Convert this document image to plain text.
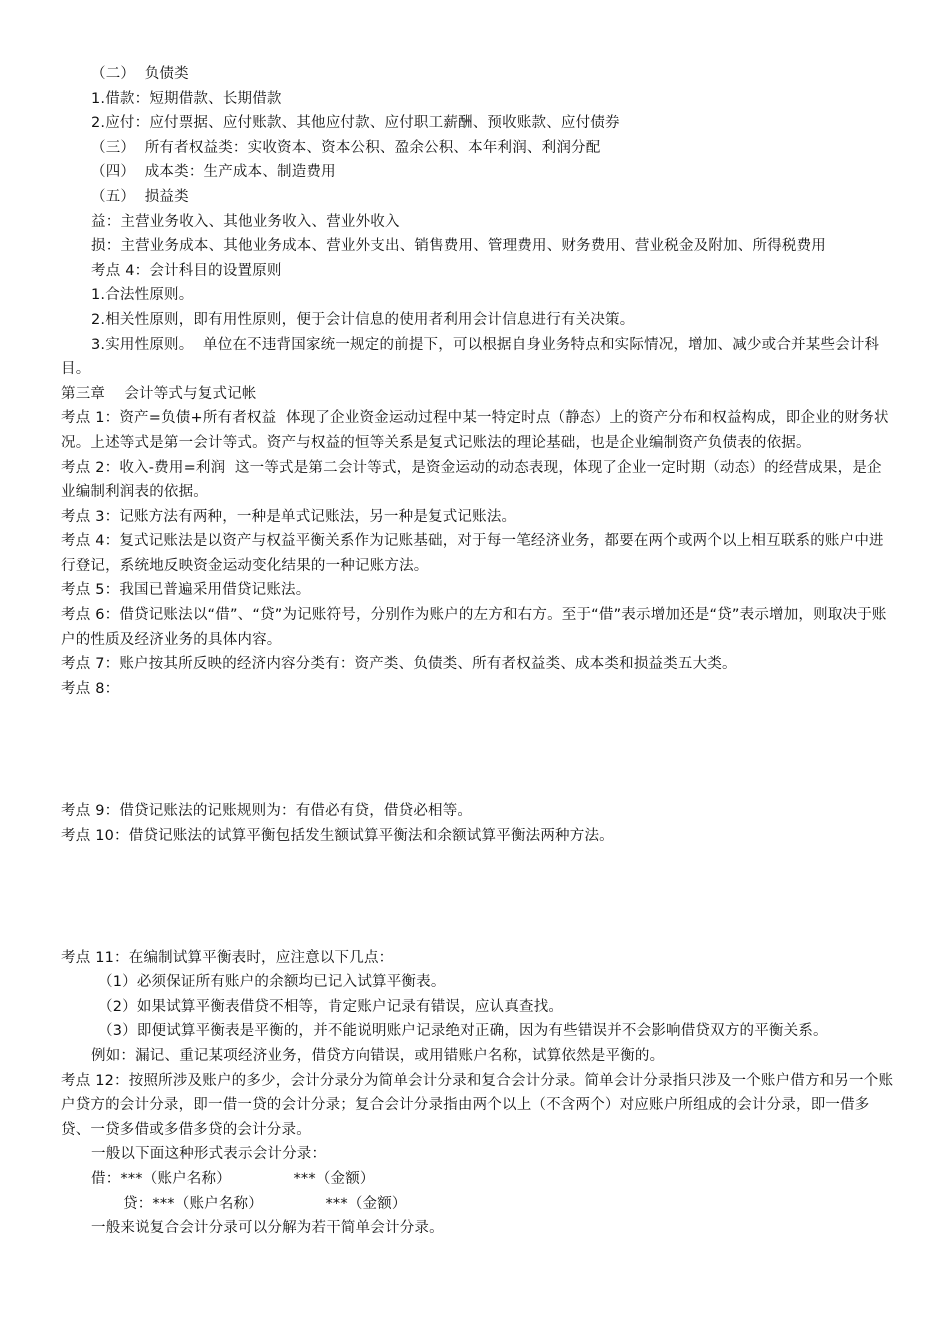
（二）  负债类

1.借款：短期借款、长期借款

2.应付：应付票据、应付账款、其他应付款、应付职工薪酬、预收账款、应付债券

（三）  所有者权益类：实收资本、资本公积、盈余公积、本年利润、利润分配

（四）  成本类：生产成本、制造费用

（五）  损益类

益：主营业务收入、其他业务收入、营业外收入

损：主营业务成本、其他业务成本、营业外支出、销售费用、管理费用、财务费用、营业税金及附加、所得税费用

考点 4：会计科目的设置原则

1.合法性原则。

2.相关性原则，即有用性原则，便于会计信息的使用者利用会计信息进行有关决策。

3.实用性原则。  单位在不违背国家统一规定的前提下，可以根据自身业务特点和实际情况，增加、减少或合并某些会计科目。

第三章    会计等式与复式记帐

考点 1：资产=负债+所有者权益  体现了企业资金运动过程中某一特定时点（静态）上的资产分布和权益构成，即企业的财务状况。上述等式是第一会计等式。资产与权益的恒等关系是复式记账法的理论基础，也是企业编制资产负债表的依据。

考点 2：收入-费用=利润  这一等式是第二会计等式，是资金运动的动态表现，体现了企业一定时期（动态）的经营成果，是企业编制利润表的依据。

考点 3：记账方法有两种，一种是单式记账法，另一种是复式记账法。

考点 4：复式记账法是以资产与权益平衡关系作为记账基础，对于每一笔经济业务，都要在两个或两个以上相互联系的账户中进行登记，系统地反映资金运动变化结果的一种记账方法。

考点 5：我国已普遍采用借贷记账法。

考点 6：借贷记账法以“借”、“贷”为记账符号，分别作为账户的左方和右方。至于“借”表示增加还是“贷”表示增加，则取决于账户的性质及经济业务的具体内容。

考点 7：账户按其所反映的经济内容分类有：资产类、负债类、所有者权益类、成本类和损益类五大类。

考点 8：

考点 9：借贷记账法的记账规则为：有借必有贷，借贷必相等。

考点 10：借贷记账法的试算平衡包括发生额试算平衡法和余额试算平衡法两种方法。

考点 11：在编制试算平衡表时，应注意以下几点：

（1）必须保证所有账户的余额均已记入试算平衡表。

（2）如果试算平衡表借贷不相等，肯定账户记录有错误，应认真查找。

（3）即便试算平衡表是平衡的，并不能说明账户记录绝对正确，因为有些错误并不会影响借贷双方的平衡关系。

例如：漏记、重记某项经济业务，借贷方向错误，或用错账户名称，试算依然是平衡的。

考点 12：按照所涉及账户的多少，会计分录分为简单会计分录和复合会计分录。简单会计分录指只涉及一个账户借方和另一个账户贷方的会计分录，即一借一贷的会计分录；复合会计分录指由两个以上（不含两个）对应账户所组成的会计分录，即一借多贷、一贷多借或多借多贷的会计分录。

一般以下面这种形式表示会计分录：

借：***（账户名称）             ***（金额）

贷：***（账户名称）             ***（金额）

一般来说复合会计分录可以分解为若干简单会计分录。
